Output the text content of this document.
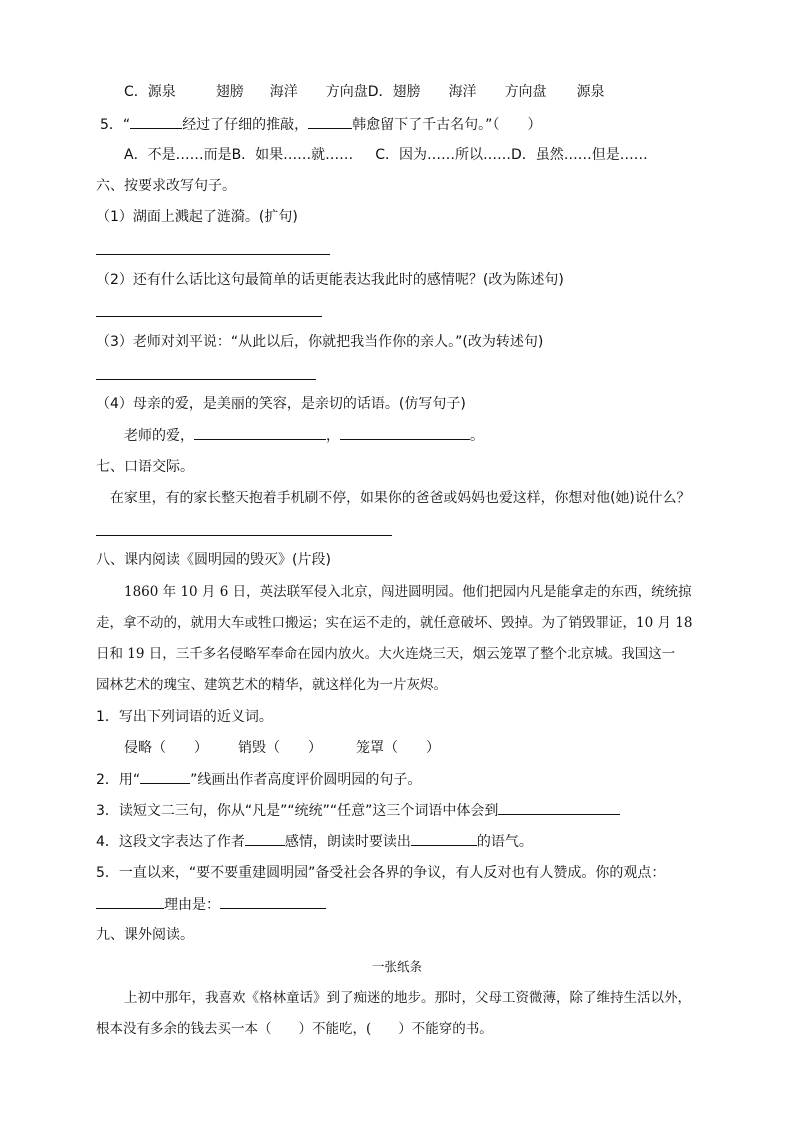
C．源泉	翅膀 海洋 方向盘D．翅膀 海洋 方向盘 源泉
5．“	经过了仔细的推敲，	韩愈留下了千古名句。”（　　）
A．不是……而是B．如果……就…… C．因为……所以……D．虽然……但是……
六、按要求改写句子。
（1）湖面上溅起了涟漪。(扩句)
（2）还有什么话比这句最简单的话更能表达我此时的感情呢？(改为陈述句)
（3）老师对刘平说：“从此以后，你就把我当作你的亲人。”(改为转述句)
（4）母亲的爱，是美丽的笑容，是亲切的话语。(仿写句子)
老师的爱，	，	。
七、口语交际。
在家里，有的家长整天抱着手机刷不停，如果你的爸爸或妈妈也爱这样，你想对他(她)说什么？
八、课内阅读《圆明园的毁灭》(片段)
1860 年 10 月 6 日，英法联军侵入北京，闯进圆明园。他们把园内凡是能拿走的东西，统统掠
走，拿不动的，就用大车或牲口搬运；实在运不走的，就任意破坏、毁掉。为了销毁罪证，10 月 18
日和 19 日，三千多名侵略军奉命在园内放火。大火连烧三天，烟云笼罩了整个北京城。我国这一
园林艺术的瑰宝、建筑艺术的精华，就这样化为一片灰烬。
1．写出下列词语的近义词。
侵略（　　） 销毁（　　） 笼罩（　　）
2．用“	”线画出作者高度评价圆明园的句子。
3．读短文二三句，你从“凡是”“统统”“任意”这三个词语中体会到
4．这段文字表达了作者	感情，朗读时要读出	的语气。
5．一直以来，“要不要重建圆明园”备受社会各界的争议，有人反对也有人赞成。你的观点：
理由是：
九、课外阅读。
一张纸条
上初中那年，我喜欢《格林童话》到了痴迷的地步。那时，父母工资微薄，除了维持生活以外，
根本没有多余的钱去买一本（　　）不能吃，(　　）不能穿的书。
